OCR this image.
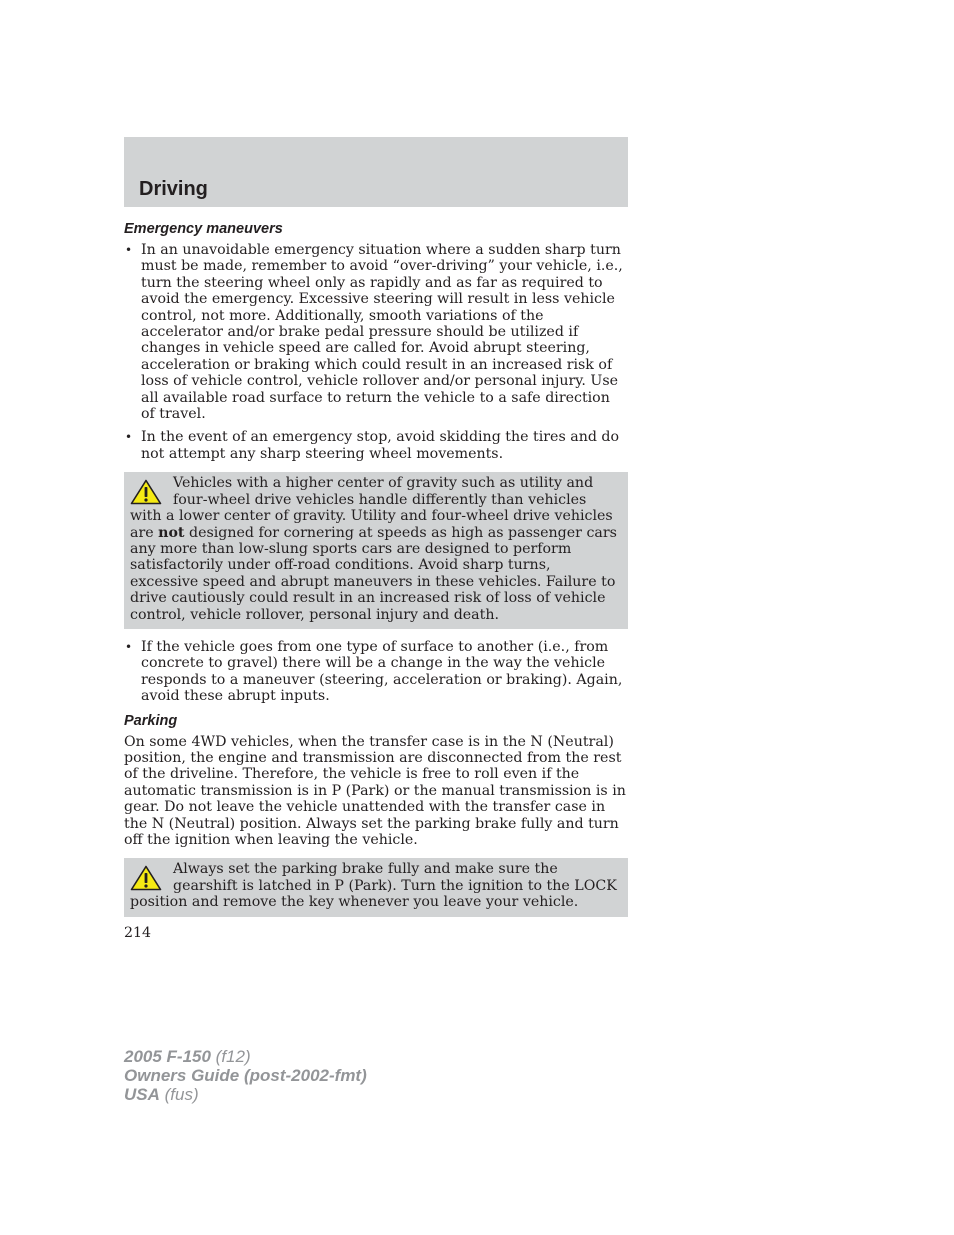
Driving
Emergency maneuvers
• In an unavoidable emergency situation where a sudden sharp turn must be made, remember to avoid “over-driving” your vehicle, i.e., turn the steering wheel only as rapidly and as far as required to avoid the emergency. Excessive steering will result in less vehicle control, not more. Additionally, smooth variations of the accelerator and/or brake pedal pressure should be utilized if changes in vehicle speed are called for. Avoid abrupt steering, acceleration or braking which could result in an increased risk of loss of vehicle control, vehicle rollover and/or personal injury. Use all available road surface to return the vehicle to a safe direction of travel.
• In the event of an emergency stop, avoid skidding the tires and do not attempt any sharp steering wheel movements.
Vehicles with a higher center of gravity such as utility and four-wheel drive vehicles handle differently than vehicles with a lower center of gravity. Utility and four-wheel drive vehicles are not designed for cornering at speeds as high as passenger cars any more than low-slung sports cars are designed to perform satisfactorily under off-road conditions. Avoid sharp turns, excessive speed and abrupt maneuvers in these vehicles. Failure to drive cautiously could result in an increased risk of loss of vehicle control, vehicle rollover, personal injury and death.
• If the vehicle goes from one type of surface to another (i.e., from concrete to gravel) there will be a change in the way the vehicle responds to a maneuver (steering, acceleration or braking). Again, avoid these abrupt inputs.
Parking

On some 4WD vehicles, when the transfer case is in the N (Neutral) position, the engine and transmission are disconnected from the rest of the driveline. Therefore, the vehicle is free to roll even if the automatic transmission is in P (Park) or the manual transmission is in gear. Do not leave the vehicle unattended with the transfer case in the N (Neutral) position. Always set the parking brake fully and turn off the ignition when leaving the vehicle.

Always set the parking brake fully and make sure the gearshift is latched in P (Park). Turn the ignition to the LOCK position and remove the key whenever you leave your vehicle.
214
2005 F-150 (f12)
Owners Guide (post-2002-fmt)
USA (fus)
